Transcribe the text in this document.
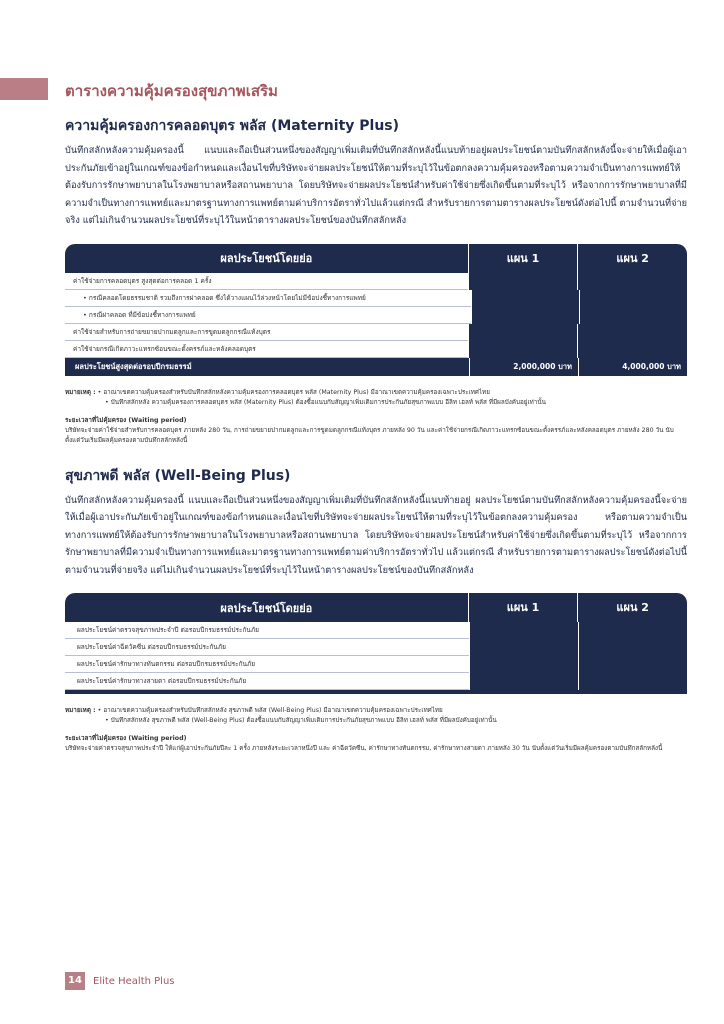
ตารางความคุ้มครองสุขภาพเสริม
ความคุ้มครองการคลอดบุตร พลัส (Maternity Plus)

บันทึกสลักหลังความคุ้มครองนี้ แนบและถือเป็นส่วนหนึ่งของสัญญาเพิ่มเติมที่บันทึกสลักหลังนี้แนบท้ายอยู่ผลประโยชน์ตามบันทึกสลักหลังนี้จะจ่ายให้เมื่อผู้เอาประกันภัยเข้าอยู่ในเกณฑ์ของข้อกำหนดและเงื่อนไขที่บริษัทจะจ่ายผลประโยชน์ให้ตามที่ระบุไว้ในข้อตกลงความคุ้มครองหรือตามความจำเป็นทางการแพทย์ให้ต้องรับการรักษาพยาบาลในโรงพยาบาลหรือสถานพยาบาล โดยบริษัทจะจ่ายผลประโยชน์สำหรับค่าใช้จ่ายซึ่งเกิดขึ้นตามที่ระบุไว้ หรือจากการรักษาพยาบาลที่มีความจำเป็นทางการแพทย์และมาตรฐานทางการแพทย์ตามค่าบริการอัตราทั่วไปแล้วแต่กรณี สำหรับรายการตามตารางผลประโยชน์ดังต่อไปนี้ ตามจำนวนที่จ่ายจริง แต่ไม่เกินจำนวนผลประโยชน์ที่ระบุไว้ในหน้าตารางผลประโยชน์ของบันทึกสลักหลัง

ผลประโยชน์โดยย่อ	แผน 1	แผน 2
ค่าใช้จ่ายการคลอดบุตร สูงสุดต่อการคลอด 1 ครั้ง
• กรณีคลอดโดยธรรมชาติ รวมถึงการผ่าคลอด ซึ่งได้วางแผนไว้ล่วงหน้าโดยไม่มีข้อบ่งชี้ทางการแพทย์
• กรณีผ่าคลอด ที่มีข้อบ่งชี้ทางการแพทย์
ค่าใช้จ่ายสำหรับการถ่ายขยายปากมดลูกและการขูดมดลูกกรณีแท้งบุตร
ค่าใช้จ่ายกรณีเกิดภาวะแทรกซ้อนขณะตั้งครรภ์และหลังคลอดบุตร
ผลประโยชน์สูงสุดต่อรอบปีกรมธรรม์	2,000,000 บาท	4,000,000 บาท
หมายเหตุ : • อาณาเขตความคุ้มครองสำหรับบันทึกสลักหลังความคุ้มครองการคลอดบุตร พลัส (Maternity Plus) มีอาณาเขตความคุ้มครองเฉพาะประเทศไทย
• บันทึกสลักหลัง ความคุ้มครองการคลอดบุตร พลัส (Maternity Plus) ต้องซื้อแนบกับสัญญาเพิ่มเติมการประกันภัยสุขภาพแบบ อีลิท เฮลท์ พลัส ที่มีผลบังคับอยู่เท่านั้น
ระยะเวลาที่ไม่คุ้มครอง (Waiting period)
บริษัทจะจ่ายค่าใช้จ่ายสำหรับการคลอดบุตร ภายหลัง 280 วัน, การถ่ายขยายปากมดลูกและการขูดมดลูกกรณีแท้งบุตร ภายหลัง 90 วัน และค่าใช้จ่ายกรณีเกิดภาวะแทรกซ้อนขณะตั้งครรภ์และหลังคลอดบุตร ภายหลัง 280 วัน นับตั้งแต่วันเริ่มมีผลคุ้มครองตามบันทึกสลักหลังนี้
สุขภาพดี พลัส (Well-Being Plus)

บันทึกสลักหลังความคุ้มครองนี้ แนบและถือเป็นส่วนหนึ่งของสัญญาเพิ่มเติมที่บันทึกสลักหลังนี้แนบท้ายอยู่ ผลประโยชน์ตามบันทึกสลักหลังความคุ้มครองนี้จะจ่ายให้เมื่อผู้เอาประกันภัยเข้าอยู่ในเกณฑ์ของข้อกำหนดและเงื่อนไขที่บริษัทจะจ่ายผลประโยชน์ให้ตามที่ระบุไว้ในข้อตกลงความคุ้มครอง หรือตามความจำเป็นทางการแพทย์ให้ต้องรับการรักษาพยาบาลในโรงพยาบาลหรือสถานพยาบาล โดยบริษัทจะจ่ายผลประโยชน์สำหรับค่าใช้จ่ายซึ่งเกิดขึ้นตามที่ระบุไว้ หรือจากการรักษาพยาบาลที่มีความจำเป็นทางการแพทย์และมาตรฐานทางการแพทย์ตามค่าบริการอัตราทั่วไป แล้วแต่กรณี สำหรับรายการตามตารางผลประโยชน์ดังต่อไปนี้ ตามจำนวนที่จ่ายจริง แต่ไม่เกินจำนวนผลประโยชน์ที่ระบุไว้ในหน้าตารางผลประโยชน์ของบันทึกสลักหลัง

ผลประโยชน์โดยย่อ	แผน 1	แผน 2
ผลประโยชน์ค่าตรวจสุขภาพประจำปี ต่อรอบปีกรมธรรม์ประกันภัย
ผลประโยชน์ค่าฉีดวัคซีน ต่อรอบปีกรมธรรม์ประกันภัย
ผลประโยชน์ค่ารักษาทางทันตกรรม ต่อรอบปีกรมธรรม์ประกันภัย
ผลประโยชน์ค่ารักษาทางสายตา ต่อรอบปีกรมธรรม์ประกันภัย
หมายเหตุ : • อาณาเขตความคุ้มครองสำหรับบันทึกสลักหลัง สุขภาพดี พลัส (Well-Being Plus) มีอาณาเขตความคุ้มครองเฉพาะประเทศไทย
• บันทึกสลักหลัง สุขภาพดี พลัส (Well-Being Plus) ต้องซื้อแนบกับสัญญาเพิ่มเติมการประกันภัยสุขภาพแบบ อีลิท เฮลท์ พลัส ที่มีผลบังคับอยู่เท่านั้น
ระยะเวลาที่ไม่คุ้มครอง (Waiting period)
บริษัทจะจ่ายค่าตรวจสุขภาพประจำปี ให้แก่ผู้เอาประกันภัยปีละ 1 ครั้ง ภายหลังระยะเวลาหนึ่งปี และ ค่าฉีดวัคซีน, ค่ารักษาทางทันตกรรม, ค่ารักษาทางสายตา ภายหลัง 30 วัน นับตั้งแต่วันเริ่มมีผลคุ้มครองตามบันทึกสลักหลังนี้
14	Elite Health Plus
